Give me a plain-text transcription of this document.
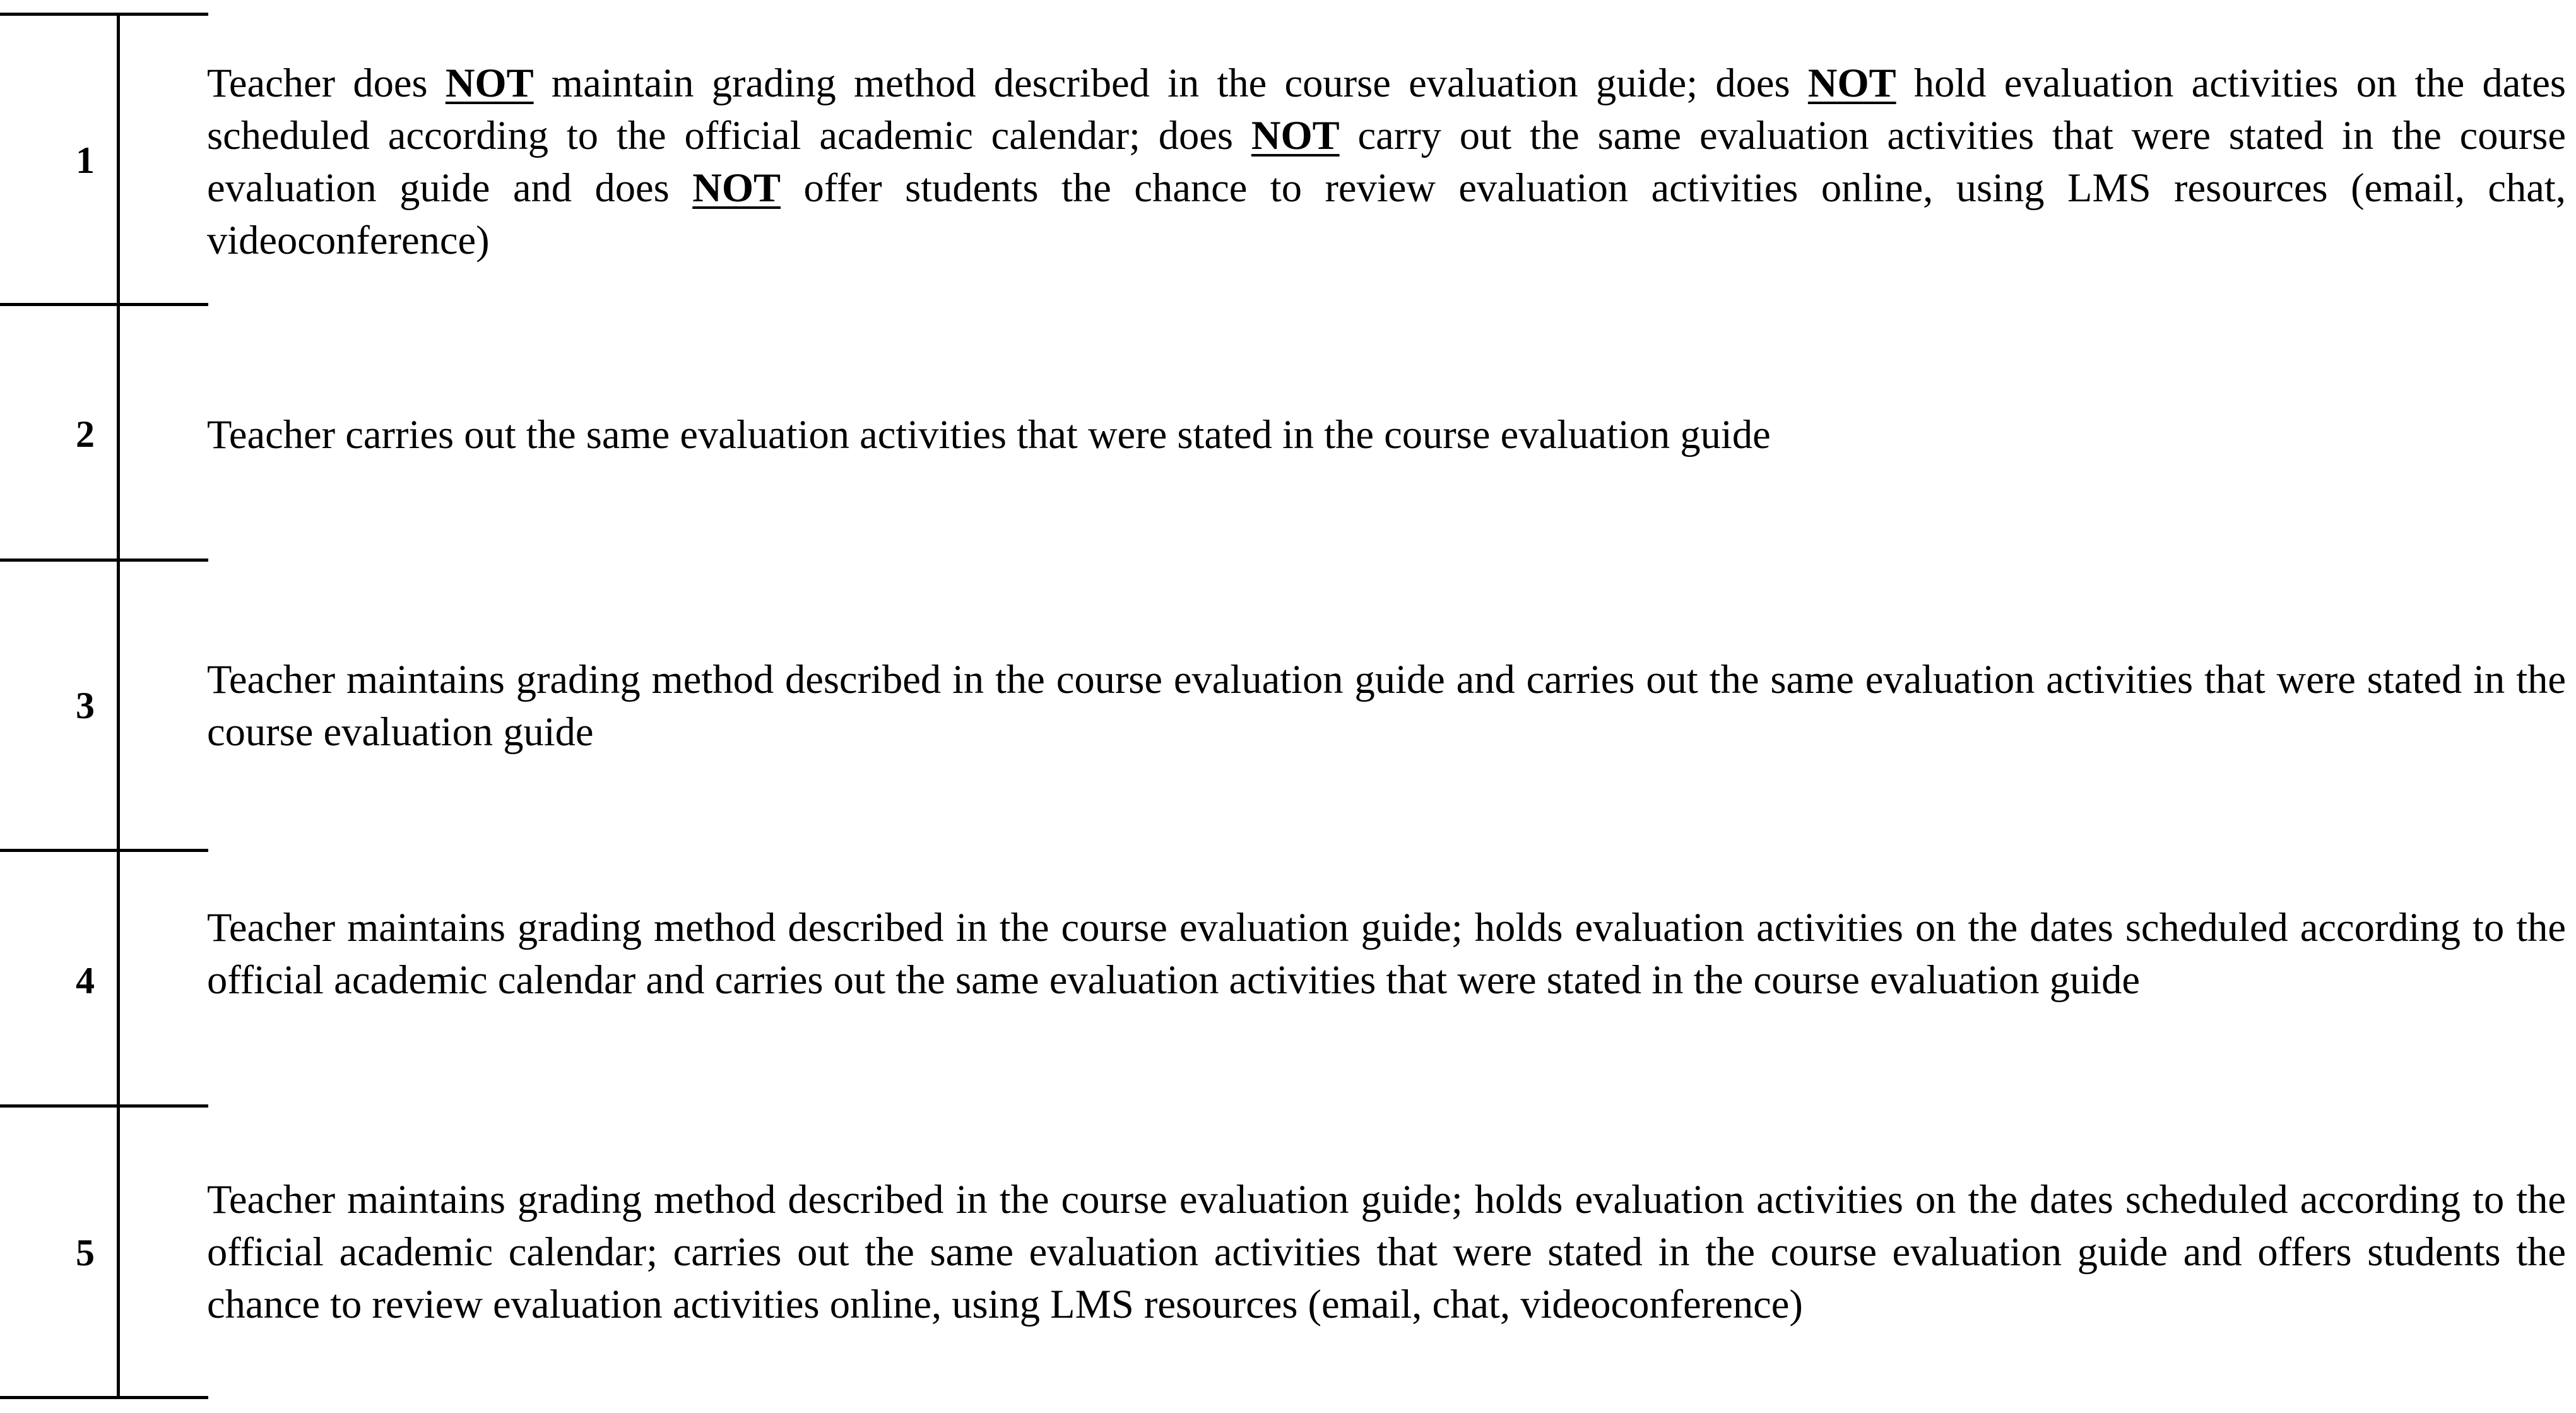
1
Teacher does NOT maintain grading method described in the course evaluation guide; does NOT hold evaluation activities on the dates scheduled according to the official academic calendar; does NOT carry out the same evaluation activities that were stated in the course evaluation guide and does NOT offer students the chance to review evaluation activities online, using LMS resources (email, chat, videoconference)
2	Teacher carries out the same evaluation activities that were stated in the course evaluation guide
3
Teacher maintains grading method described in the course evaluation guide and carries out the same evaluation activities that were stated in the course evaluation guide
4
Teacher maintains grading method described in the course evaluation guide; holds evaluation activities on the dates scheduled according to the official academic calendar and carries out the same evaluation activities that were stated in the course evaluation guide
5
Teacher maintains grading method described in the course evaluation guide; holds evaluation activities on the dates scheduled according to the official academic calendar; carries out the same evaluation activities that were stated in the course evaluation guide and offers students the chance to review evaluation activities online, using LMS resources (email, chat, videoconference)
